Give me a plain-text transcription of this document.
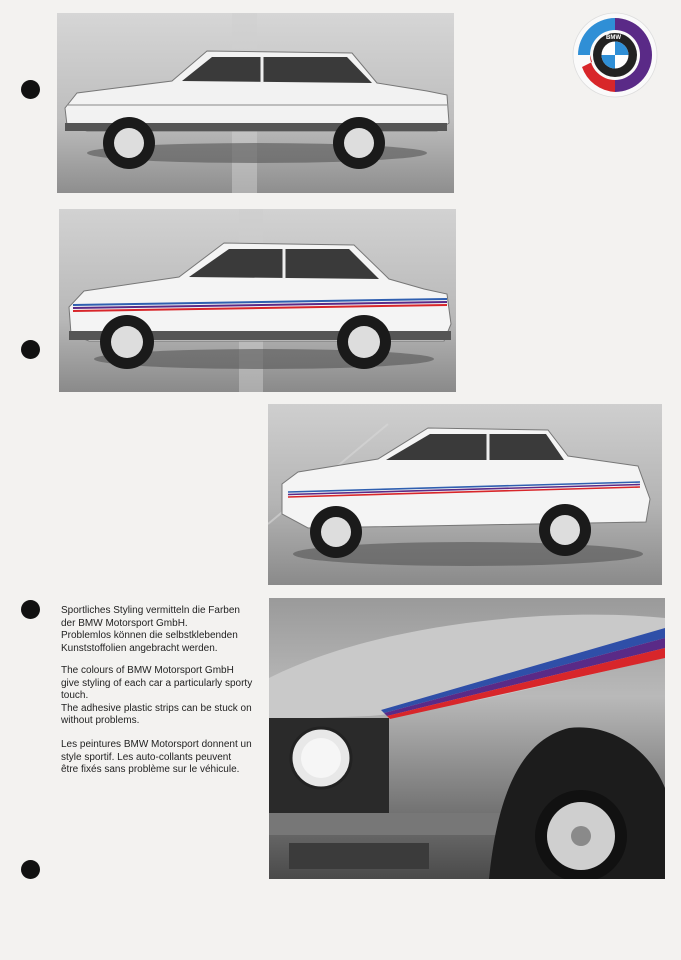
BMW

Sportliches Styling vermitteln die Farben

der BMW Motorsport GmbH.

Problemlos können die selbstklebenden

Kunststoffolien angebracht werden.

The colours of BMW Motorsport GmbH

give styling of each car a particularly sporty

touch.

The adhesive plastic strips can be stuck on

without problems.

Les peintures BMW Motorsport donnent un

style sportif. Les auto-collants peuvent

être fixés sans problème sur le véhicule.
